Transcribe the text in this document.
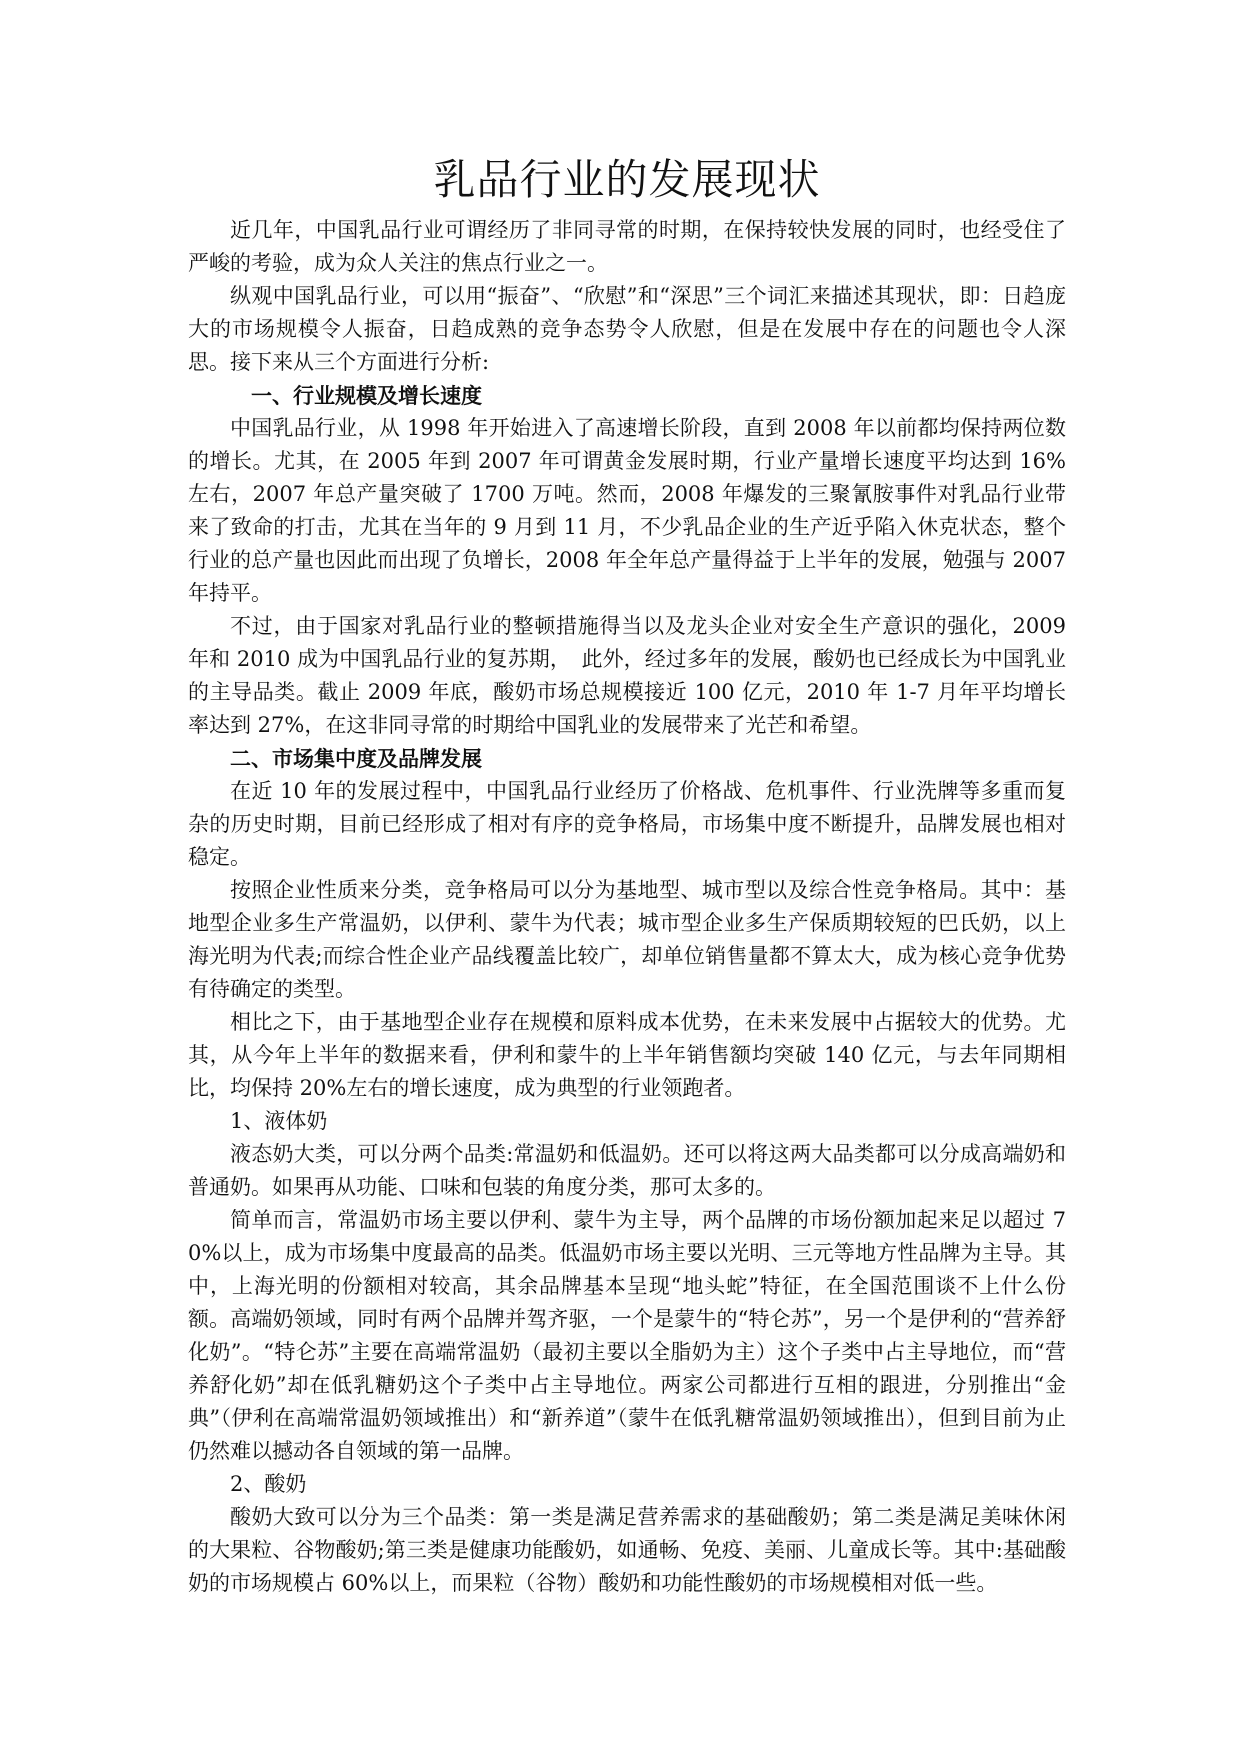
乳品行业的发展现状

近几年，中国乳品行业可谓经历了非同寻常的时期，在保持较快发展的同时，也经受住了严峻的考验，成为众人关注的焦点行业之一。

纵观中国乳品行业，可以用“振奋”、“欣慰”和“深思”三个词汇来描述其现状，即：日趋庞大的市场规模令人振奋，日趋成熟的竞争态势令人欣慰，但是在发展中存在的问题也令人深思。接下来从三个方面进行分析:

一、行业规模及增长速度

中国乳品行业，从 1998 年开始进入了高速增长阶段，直到 2008 年以前都均保持两位数的增长。尤其，在 2005 年到 2007 年可谓黄金发展时期，行业产量增长速度平均达到 16%左右，2007 年总产量突破了 1700 万吨。然而，2008 年爆发的三聚氰胺事件对乳品行业带来了致命的打击，尤其在当年的 9 月到 11 月，不少乳品企业的生产近乎陷入休克状态，整个行业的总产量也因此而出现了负增长，2008 年全年总产量得益于上半年的发展，勉强与 2007 年持平。

不过，由于国家对乳品行业的整顿措施得当以及龙头企业对安全生产意识的强化，2009 年和 2010 成为中国乳品行业的复苏期，　此外，经过多年的发展，酸奶也已经成长为中国乳业的主导品类。截止 2009 年底，酸奶市场总规模接近 100 亿元，2010 年 1-7 月年平均增长率达到 27%，在这非同寻常的时期给中国乳业的发展带来了光芒和希望。

二、市场集中度及品牌发展

在近 10 年的发展过程中，中国乳品行业经历了价格战、危机事件、行业洗牌等多重而复杂的历史时期，目前已经形成了相对有序的竞争格局，市场集中度不断提升，品牌发展也相对稳定。

按照企业性质来分类，竞争格局可以分为基地型、城市型以及综合性竞争格局。其中：基地型企业多生产常温奶，以伊利、蒙牛为代表；城市型企业多生产保质期较短的巴氏奶，以上海光明为代表;而综合性企业产品线覆盖比较广，却单位销售量都不算太大，成为核心竞争优势有待确定的类型。

相比之下，由于基地型企业存在规模和原料成本优势，在未来发展中占据较大的优势。尤其，从今年上半年的数据来看，伊利和蒙牛的上半年销售额均突破 140 亿元，与去年同期相比，均保持 20%左右的增长速度，成为典型的行业领跑者。

1、液体奶

液态奶大类，可以分两个品类:常温奶和低温奶。还可以将这两大品类都可以分成高端奶和普通奶。如果再从功能、口味和包装的角度分类，那可太多的。

简单而言，常温奶市场主要以伊利、蒙牛为主导，两个品牌的市场份额加起来足以超过 70%以上，成为市场集中度最高的品类。低温奶市场主要以光明、三元等地方性品牌为主导。其中，上海光明的份额相对较高，其余品牌基本呈现“地头蛇”特征，在全国范围谈不上什么份额。高端奶领域，同时有两个品牌并驾齐驱，一个是蒙牛的“特仑苏”，另一个是伊利的“营养舒化奶”。“特仑苏”主要在高端常温奶（最初主要以全脂奶为主）这个子类中占主导地位，而“营养舒化奶”却在低乳糖奶这个子类中占主导地位。两家公司都进行互相的跟进，分别推出“金典”（伊利在高端常温奶领域推出）和“新养道”（蒙牛在低乳糖常温奶领域推出），但到目前为止仍然难以撼动各自领域的第一品牌。

2、酸奶

酸奶大致可以分为三个品类：第一类是满足营养需求的基础酸奶；第二类是满足美味休闲的大果粒、谷物酸奶;第三类是健康功能酸奶，如通畅、免疫、美丽、儿童成长等。其中:基础酸奶的市场规模占 60%以上，而果粒（谷物）酸奶和功能性酸奶的市场规模相对低一些。
